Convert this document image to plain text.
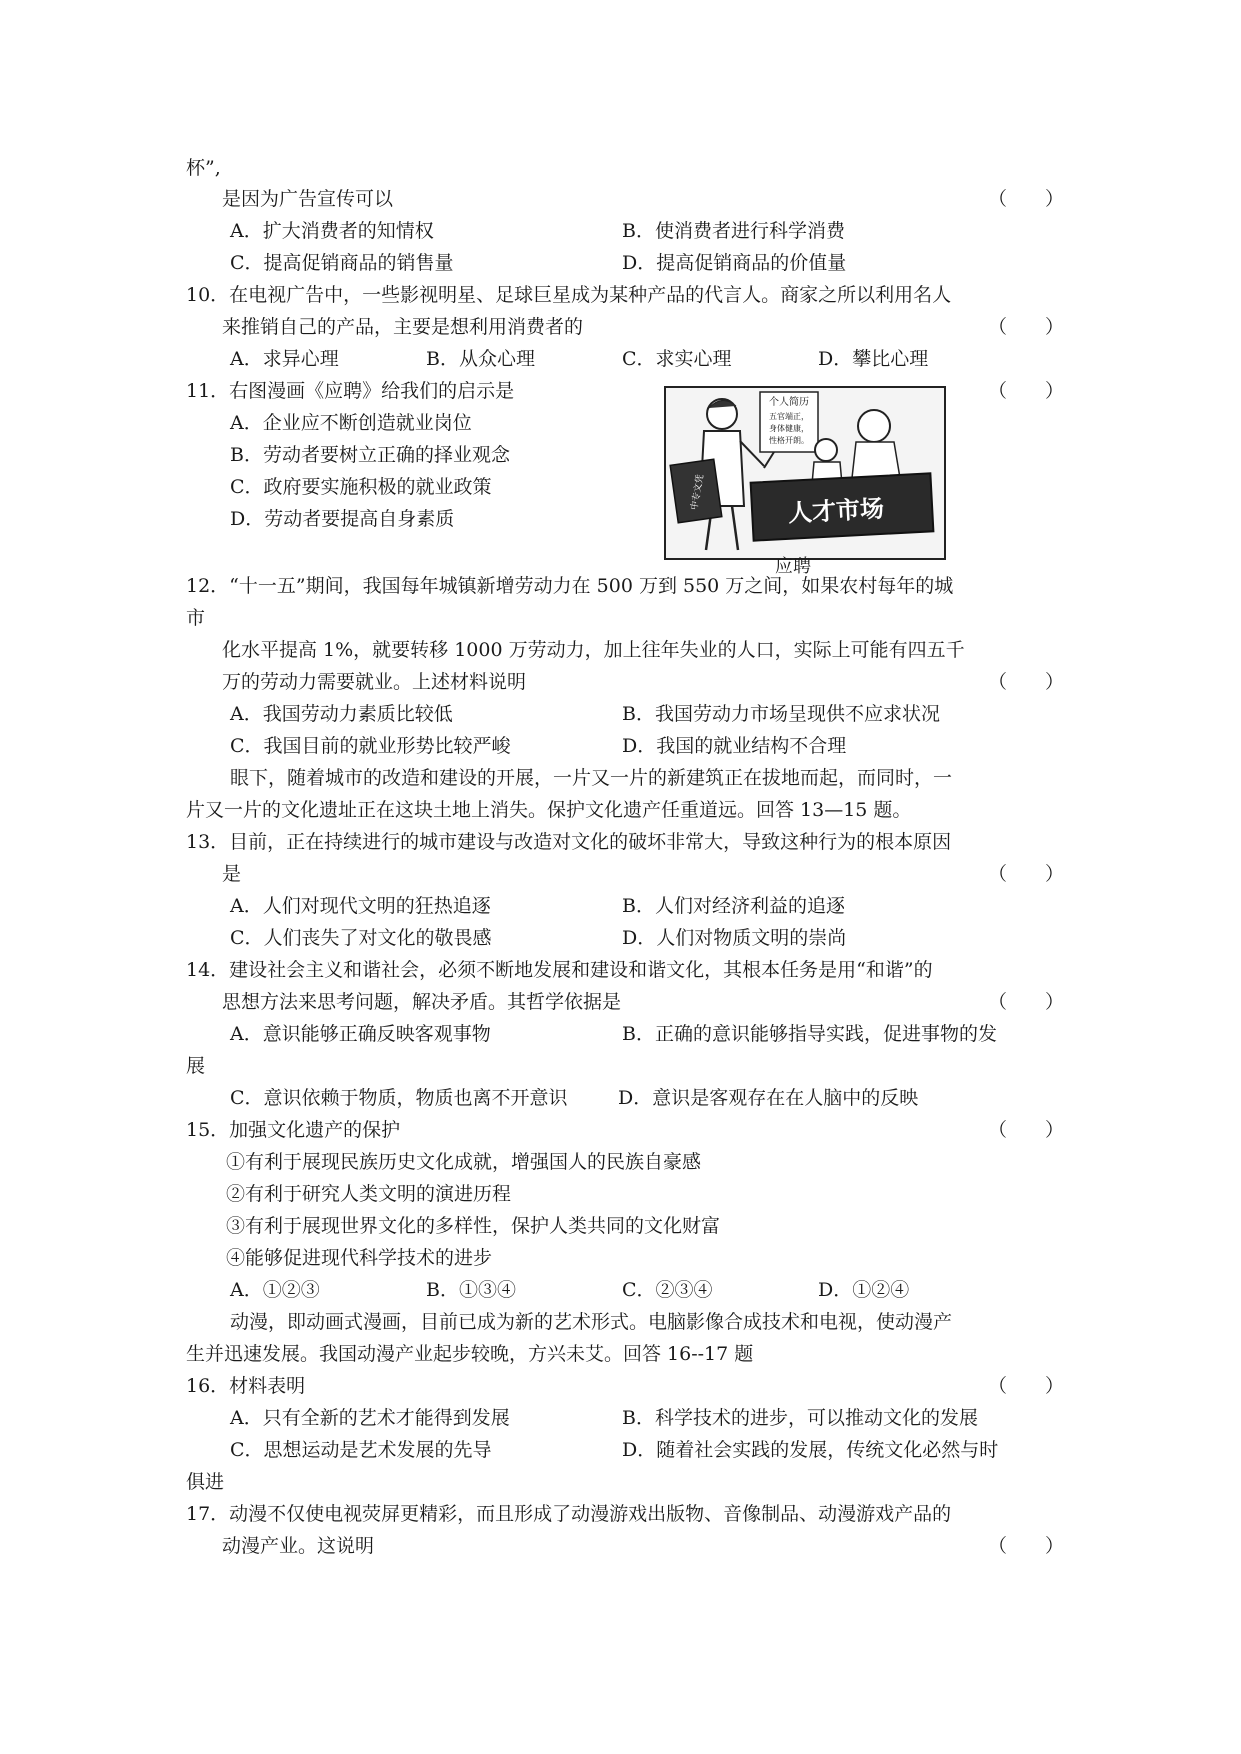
杯”,
是因为广告宣传可以	（　　）
A．扩大消费者的知情权	B．使消费者进行科学消费
C．提高促销商品的销售量	D．提高促销商品的价值量
10．在电视广告中，一些影视明星、足球巨星成为某种产品的代言人。商家之所以利用名人
来推销自己的产品，主要是想利用消费者的	（　　）
A．求异心理	B．从众心理	C．求实心理	D．攀比心理
11．右图漫画《应聘》给我们的启示是	（　　）
A．企业应不断创造就业岗位
B．劳动者要树立正确的择业观念
C．政府要实施积极的就业政策
D．劳动者要提高自身素质
个人简历
五官端正，
身体健康，
性格开朗。
中专文凭
人才市场
应聘
12．“十一五”期间，我国每年城镇新增劳动力在 500 万到 550 万之间，如果农村每年的城
市
化水平提高 1%，就要转移 1000 万劳动力，加上往年失业的人口，实际上可能有四五千
万的劳动力需要就业。上述材料说明	（　　）
A．我国劳动力素质比较低	B．我国劳动力市场呈现供不应求状况
C．我国目前的就业形势比较严峻	D．我国的就业结构不合理
眼下，随着城市的改造和建设的开展，一片又一片的新建筑正在拔地而起，而同时，一
片又一片的文化遗址正在这块土地上消失。保护文化遗产任重道远。回答 13—15 题。
13．目前，正在持续进行的城市建设与改造对文化的破坏非常大，导致这种行为的根本原因
是	（　　）
A．人们对现代文明的狂热追逐	B．人们对经济利益的追逐
C．人们丧失了对文化的敬畏感	D．人们对物质文明的崇尚
14．建设社会主义和谐社会，必须不断地发展和建设和谐文化，其根本任务是用“和谐”的
思想方法来思考问题，解决矛盾。其哲学依据是	（　　）
A．意识能够正确反映客观事物	B．正确的意识能够指导实践，促进事物的发
展
C．意识依赖于物质，物质也离不开意识	D．意识是客观存在在人脑中的反映
15．加强文化遗产的保护	（　　）
①有利于展现民族历史文化成就，增强国人的民族自豪感
②有利于研究人类文明的演进历程
③有利于展现世界文化的多样性，保护人类共同的文化财富
④能够促进现代科学技术的进步
A．①②③	B．①③④	C．②③④	D．①②④
动漫，即动画式漫画，目前已成为新的艺术形式。电脑影像合成技术和电视，使动漫产
生并迅速发展。我国动漫产业起步较晚，方兴未艾。回答 16--17 题
16．材料表明	（　　）
A．只有全新的艺术才能得到发展	B．科学技术的进步，可以推动文化的发展
C．思想运动是艺术发展的先导	D．随着社会实践的发展，传统文化必然与时
俱进
17．动漫不仅使电视荧屏更精彩，而且形成了动漫游戏出版物、音像制品、动漫游戏产品的
动漫产业。这说明	（　　）
